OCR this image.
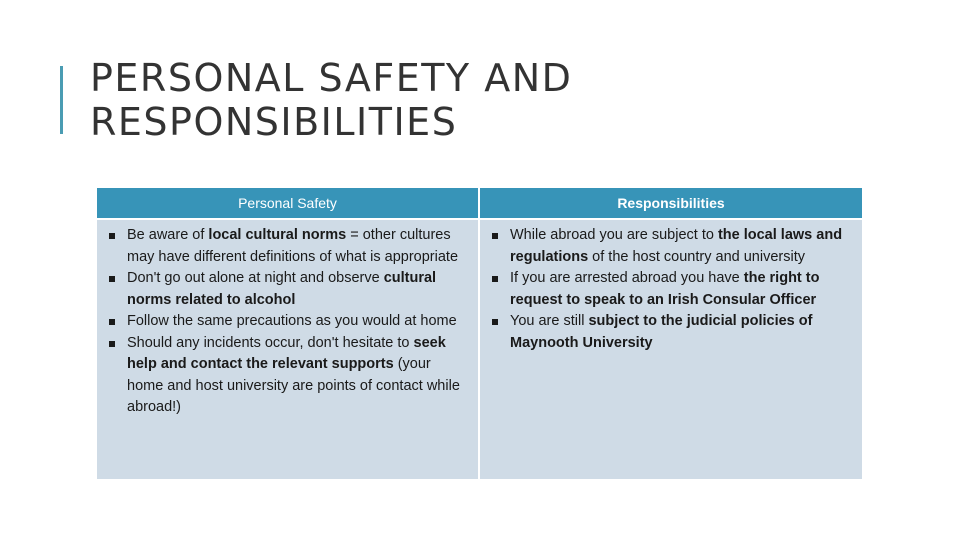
PERSONAL SAFETY AND
RESPONSIBILITIES
Personal Safety	Responsibilities
Be aware of local cultural norms = other cultures may have different definitions of what is appropriate
Don't go out alone at night and observe cultural norms related to alcohol
Follow the same precautions as you would at home
Should any incidents occur, don't hesitate to seek help and contact the relevant supports (your home and host university are points of contact while abroad!)
While abroad you are subject to the local laws and regulations of the host country and university
If you are arrested abroad you have the right to request to speak to an Irish Consular Officer
You are still subject to the judicial policies of Maynooth University
